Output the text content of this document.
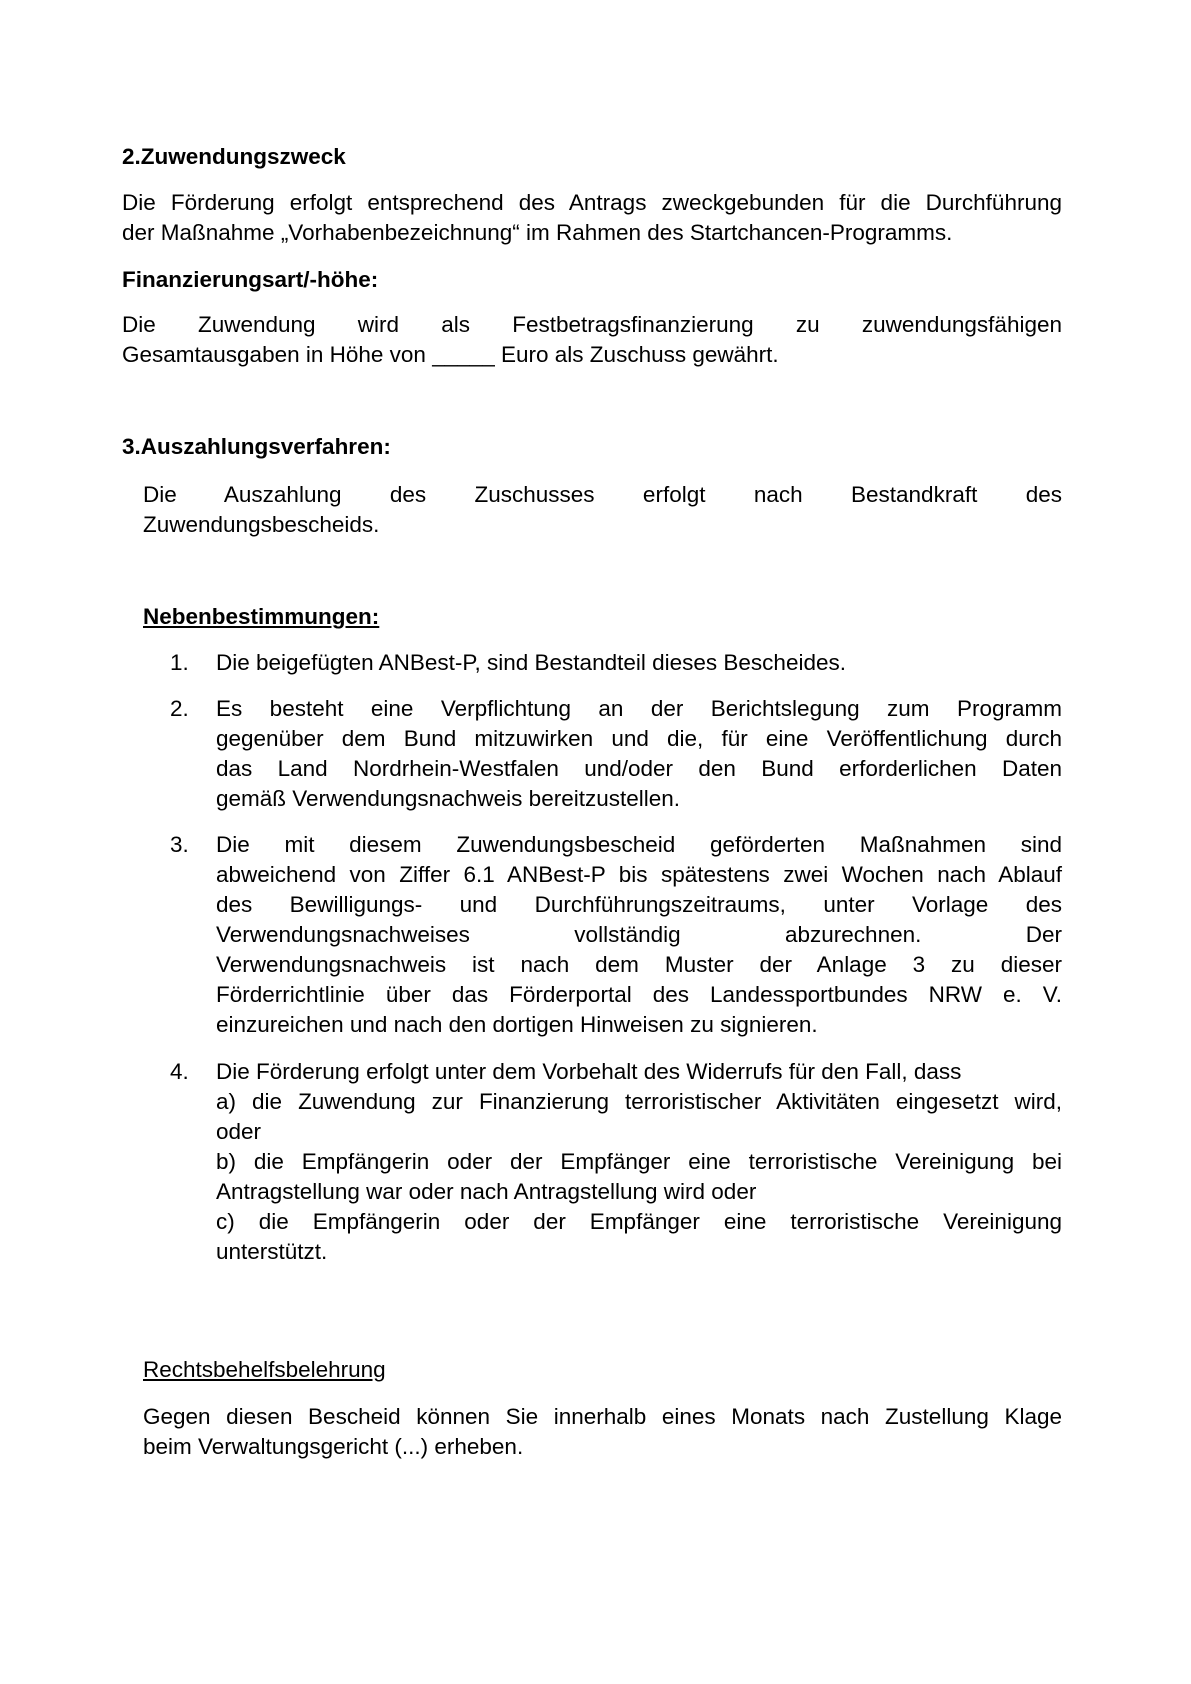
2.Zuwendungszweck
Die Förderung erfolgt entsprechend des Antrags zweckgebunden für die Durchführung
der Maßnahme „Vorhabenbezeichnung“ im Rahmen des Startchancen-Programms.
Finanzierungsart/-höhe:
Die Zuwendung wird als Festbetragsfinanzierung zu zuwendungsfähigen
Gesamtausgaben in Höhe von _____ Euro als Zuschuss gewährt.
3.Auszahlungsverfahren:
Die Auszahlung des Zuschusses erfolgt nach Bestandkraft des
Zuwendungsbescheids.
Nebenbestimmungen:
1.	Die beigefügten ANBest-P, sind Bestandteil dieses Bescheides.
2.	Es besteht eine Verpflichtung an der Berichtslegung zum Programm
gegenüber dem Bund mitzuwirken und die, für eine Veröffentlichung durch
das Land Nordrhein-Westfalen und/oder den Bund erforderlichen Daten
gemäß Verwendungsnachweis bereitzustellen.
3.	Die mit diesem Zuwendungsbescheid geförderten Maßnahmen sind
abweichend von Ziffer 6.1 ANBest-P bis spätestens zwei Wochen nach Ablauf
des Bewilligungs- und Durchführungszeitraums, unter Vorlage des
Verwendungsnachweises vollständig abzurechnen. Der
Verwendungsnachweis ist nach dem Muster der Anlage 3 zu dieser
Förderrichtlinie über das Förderportal des Landessportbundes NRW e. V.
einzureichen und nach den dortigen Hinweisen zu signieren.
4.	Die Förderung erfolgt unter dem Vorbehalt des Widerrufs für den Fall, dass
a) die Zuwendung zur Finanzierung terroristischer Aktivitäten eingesetzt wird,
oder
b) die Empfängerin oder der Empfänger eine terroristische Vereinigung bei
Antragstellung war oder nach Antragstellung wird oder
c) die Empfängerin oder der Empfänger eine terroristische Vereinigung
unterstützt.
Rechtsbehelfsbelehrung
Gegen diesen Bescheid können Sie innerhalb eines Monats nach Zustellung Klage
beim Verwaltungsgericht (...) erheben.
